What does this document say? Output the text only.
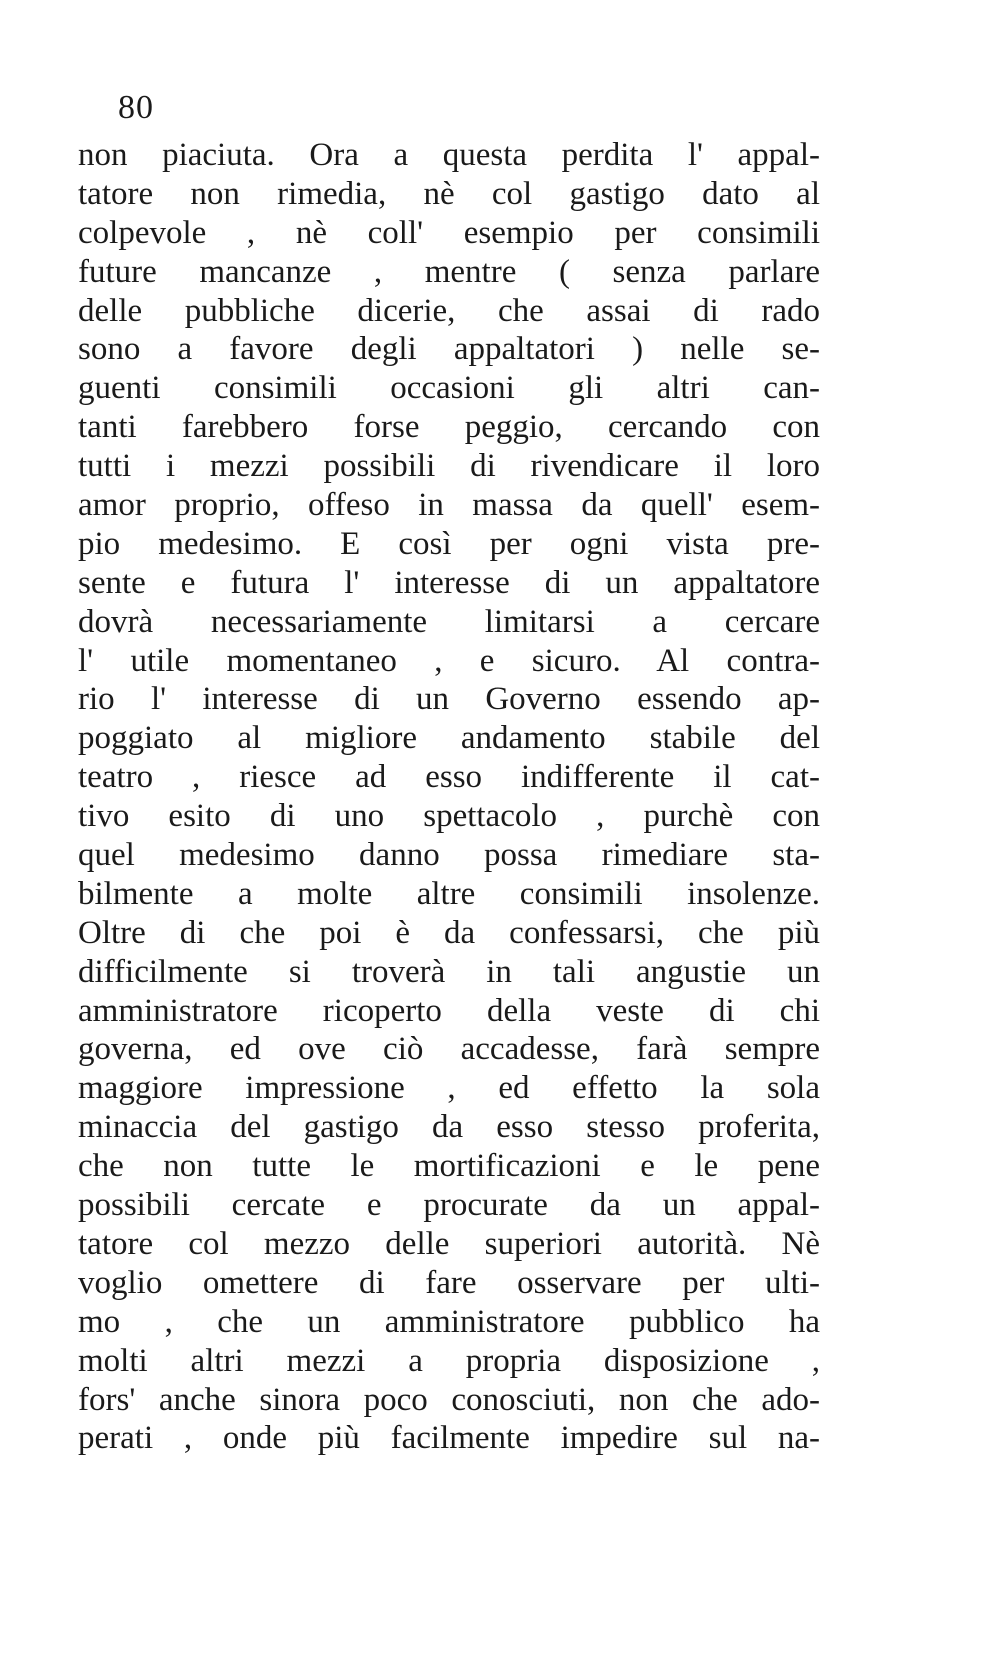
80
non piaciuta. Ora a questa perdita l' appal-
tatore non rimedia, nè col gastigo dato al
colpevole , nè coll' esempio per consimili
future mancanze , mentre ( senza parlare
delle pubbliche dicerie, che assai di rado
sono a favore degli appaltatori ) nelle se-
guenti consimili occasioni gli altri can-
tanti farebbero forse peggio, cercando con
tutti i mezzi possibili di rivendicare il loro
amor proprio, offeso in massa da quell' esem-
pio medesimo. E così per ogni vista pre-
sente e futura l' interesse di un appaltatore
dovrà necessariamente limitarsi a cercare
l' utile momentaneo , e sicuro. Al contra-
rio l' interesse di un Governo essendo ap-
poggiato al migliore andamento stabile del
teatro , riesce ad esso indifferente il cat-
tivo esito di uno spettacolo , purchè con
quel medesimo danno possa rimediare sta-
bilmente a molte altre consimili insolenze.
Oltre di che poi è da confessarsi, che più
difficilmente si troverà in tali angustie un
amministratore ricoperto della veste di chi
governa, ed ove ciò accadesse, farà sempre
maggiore impressione , ed effetto la sola
minaccia del gastigo da esso stesso proferita,
che non tutte le mortificazioni e le pene
possibili cercate e procurate da un appal-
tatore col mezzo delle superiori autorità. Nè
voglio omettere di fare osservare per ulti-
mo , che un amministratore pubblico ha
molti altri mezzi a propria disposizione ,
fors' anche sinora poco conosciuti, non che ado-
perati , onde più facilmente impedire sul na-
